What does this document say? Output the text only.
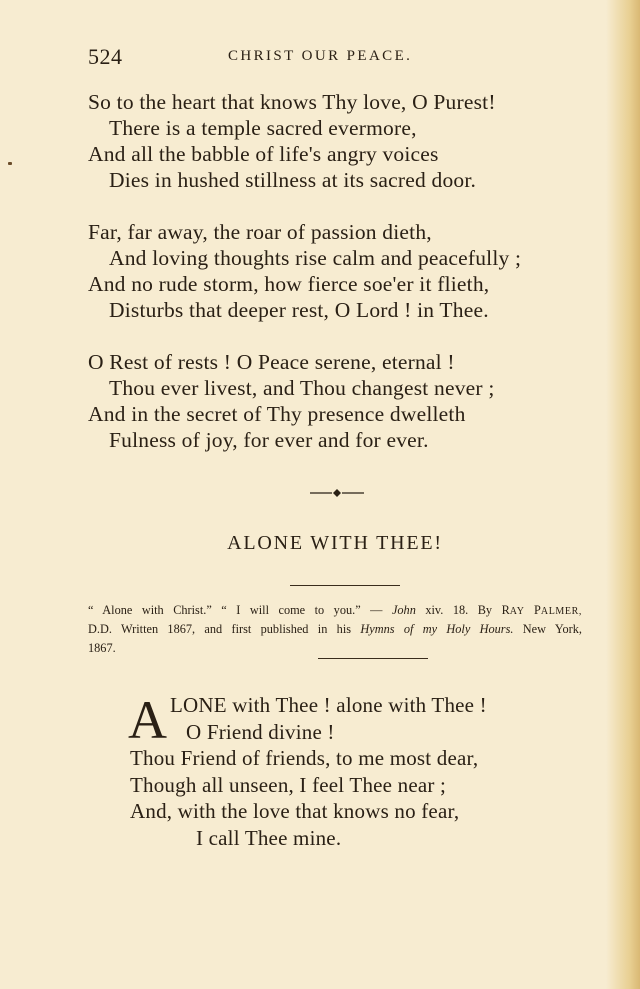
524	CHRIST OUR PEACE.
So to the heart that knows Thy love, O Purest!
There is a temple sacred evermore,
And all the babble of life's angry voices
Dies in hushed stillness at its sacred door.
Far, far away, the roar of passion dieth,
And loving thoughts rise calm and peacefully ;
And no rude storm, how fierce soe'er it flieth,
Disturbs that deeper rest, O Lord ! in Thee.
O Rest of rests ! O Peace serene, eternal !
Thou ever livest, and Thou changest never ;
And in the secret of Thy presence dwelleth
Fulness of joy, for ever and for ever.
ALONE WITH THEE!
“ Alone with Christ.” “ I will come to you.” — John xiv. 18. By RAY PALMER,
D.D. Written 1867, and first published in his Hymns of my Holy Hours. New York,
1867.
A LONE with Thee ! alone with Thee !
O Friend divine !
Thou Friend of friends, to me most dear,
Though all unseen, I feel Thee near ;
And, with the love that knows no fear,
I call Thee mine.
